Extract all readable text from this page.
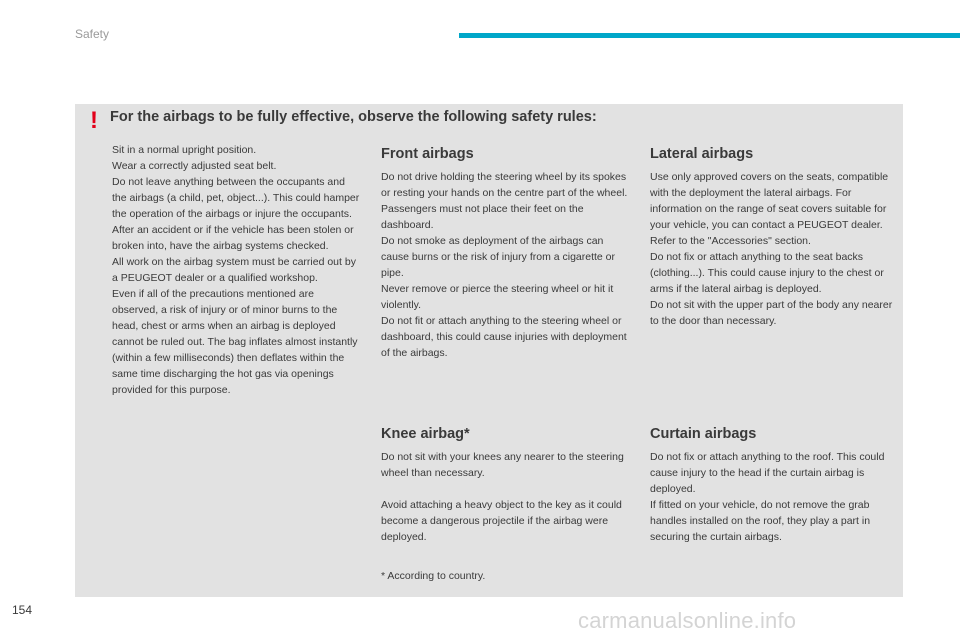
Safety
! For the airbags to be fully effective, observe the following safety rules:

Sit in a normal upright position.
Wear a correctly adjusted seat belt.
Do not leave anything between the occupants and the airbags (a child, pet, object...). This could hamper the operation of the airbags or injure the occupants.
After an accident or if the vehicle has been stolen or broken into, have the airbag systems checked.
All work on the airbag system must be carried out by a PEUGEOT dealer or a qualified workshop.
Even if all of the precautions mentioned are observed, a risk of injury or of minor burns to the head, chest or arms when an airbag is deployed cannot be ruled out. The bag inflates almost instantly (within a few milliseconds) then deflates within the same time discharging the hot gas via openings provided for this purpose.

Front airbags

Do not drive holding the steering wheel by its spokes or resting your hands on the centre part of the wheel.
Passengers must not place their feet on the dashboard.
Do not smoke as deployment of the airbags can cause burns or the risk of injury from a cigarette or pipe.
Never remove or pierce the steering wheel or hit it violently.
Do not fit or attach anything to the steering wheel or dashboard, this could cause injuries with deployment of the airbags.

Knee airbag*

Do not sit with your knees any nearer to the steering wheel than necessary.

Avoid attaching a heavy object to the key as it could become a dangerous projectile if the airbag were deployed.

* According to country.
Lateral airbags

Use only approved covers on the seats, compatible with the deployment the lateral airbags. For information on the range of seat covers suitable for your vehicle, you can contact a PEUGEOT dealer.
Refer to the "Accessories" section.
Do not fix or attach anything to the seat backs (clothing...). This could cause injury to the chest or arms if the lateral airbag is deployed.
Do not sit with the upper part of the body any nearer to the door than necessary.

Curtain airbags

Do not fix or attach anything to the roof. This could cause injury to the head if the curtain airbag is deployed.
If fitted on your vehicle, do not remove the grab handles installed on the roof, they play a part in securing the curtain airbags.

154	carmanualsonline.info
